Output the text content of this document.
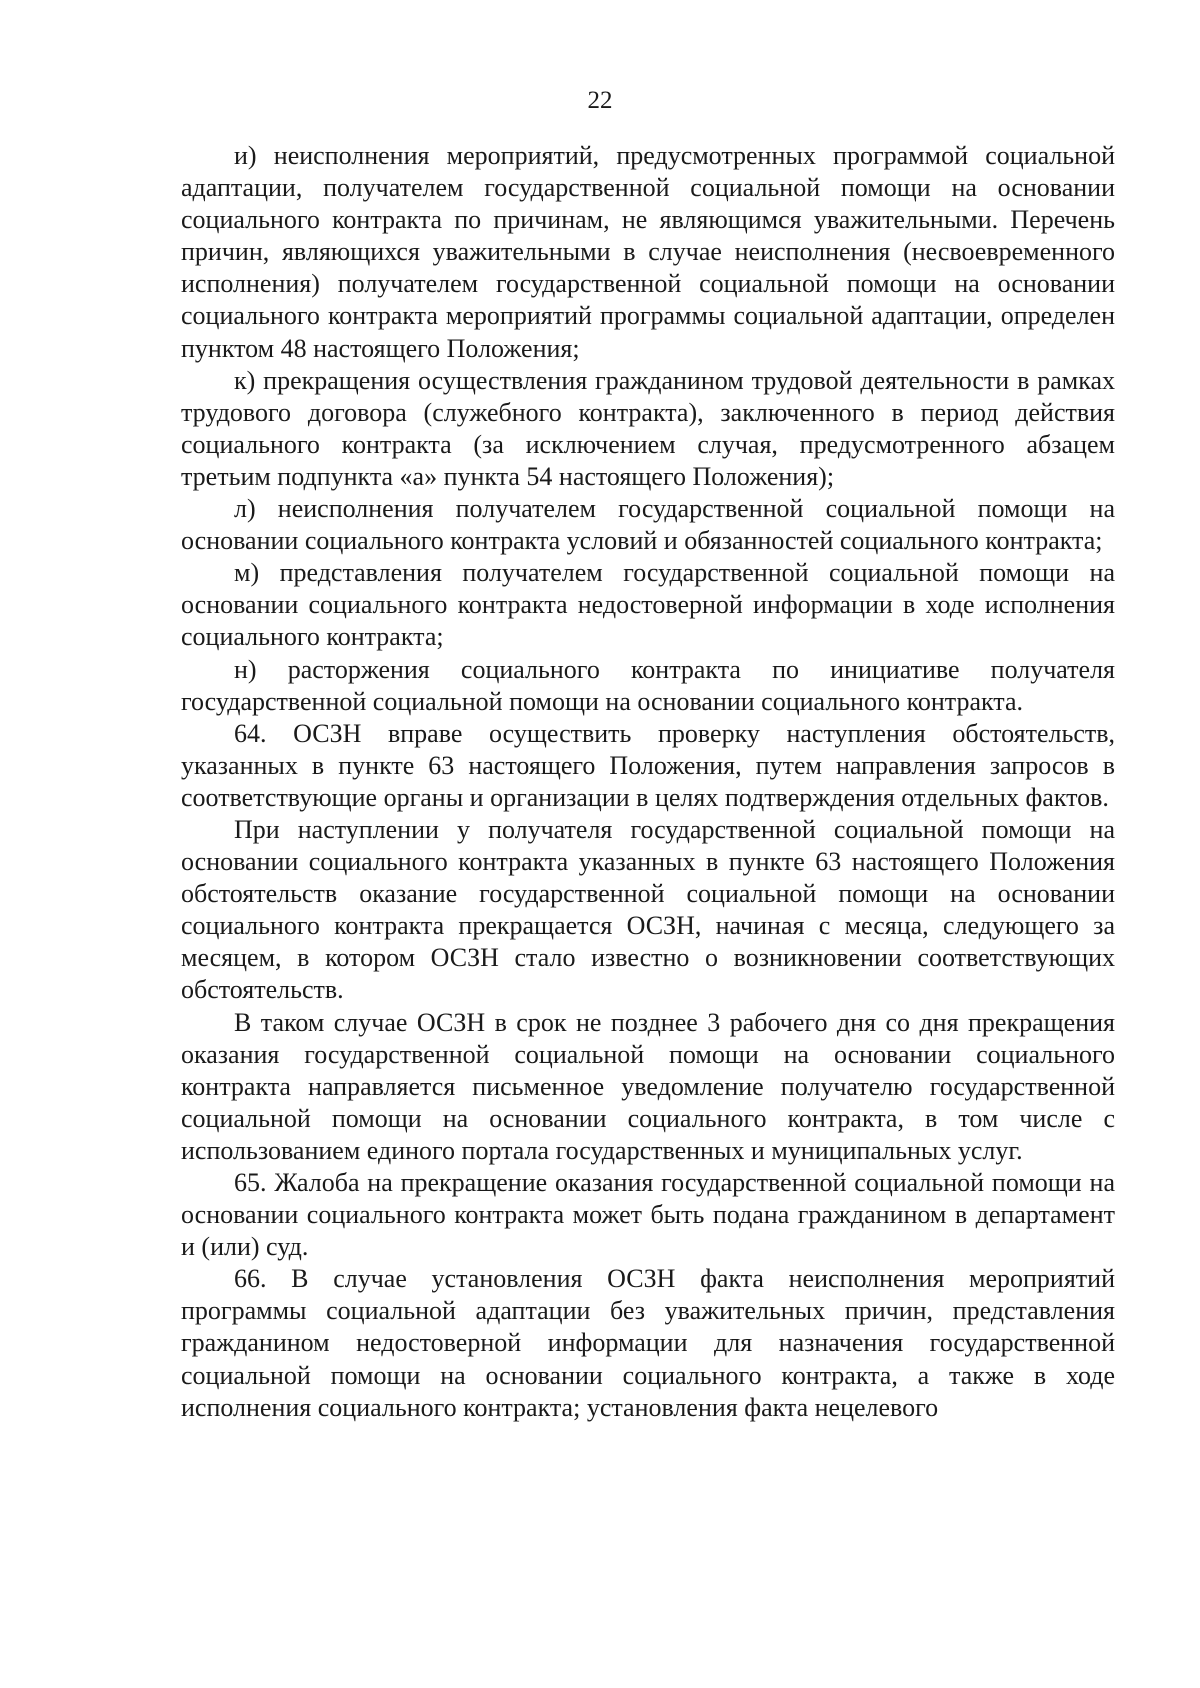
22

и) неисполнения мероприятий, предусмотренных программой социальной адаптации, получателем государственной социальной помощи на основании социального контракта по причинам, не являющимся уважительными. Перечень причин, являющихся уважительными в случае неисполнения (несвоевременного исполнения) получателем государственной социальной помощи на основании социального контракта мероприятий программы социальной адаптации, определен пунктом 48 настоящего Положения;

к) прекращения осуществления гражданином трудовой деятельности в рамках трудового договора (служебного контракта), заключенного в период действия социального контракта (за исключением случая, предусмотренного абзацем третьим подпункта «а» пункта 54 настоящего Положения);

л) неисполнения получателем государственной социальной помощи на основании социального контракта условий и обязанностей социального контракта;

м) представления получателем государственной социальной помощи на основании социального контракта недостоверной информации в ходе исполнения социального контракта;

н) расторжения социального контракта по инициативе получателя государственной социальной помощи на основании социального контракта.

64. ОСЗН вправе осуществить проверку наступления обстоятельств, указанных в пункте 63 настоящего Положения, путем направления запросов в соответствующие органы и организации в целях подтверждения отдельных фактов.

При наступлении у получателя государственной социальной помощи на основании социального контракта указанных в пункте 63 настоящего Положения обстоятельств оказание государственной социальной помощи на основании социального контракта прекращается ОСЗН, начиная с месяца, следующего за месяцем, в котором ОСЗН стало известно о возникновении соответствующих обстоятельств.

В таком случае ОСЗН в срок не позднее 3 рабочего дня со дня прекращения оказания государственной социальной помощи на основании социального контракта направляется письменное уведомление получателю государственной социальной помощи на основании социального контракта, в том числе с использованием единого портала государственных и муниципальных услуг.

65. Жалоба на прекращение оказания государственной социальной помощи на основании социального контракта может быть подана гражданином в департамент и (или) суд.

66. В случае установления ОСЗН факта неисполнения мероприятий программы социальной адаптации без уважительных причин, представления гражданином недостоверной информации для назначения государственной социальной помощи на основании социального контракта, а также в ходе исполнения социального контракта; установления факта нецелевого
